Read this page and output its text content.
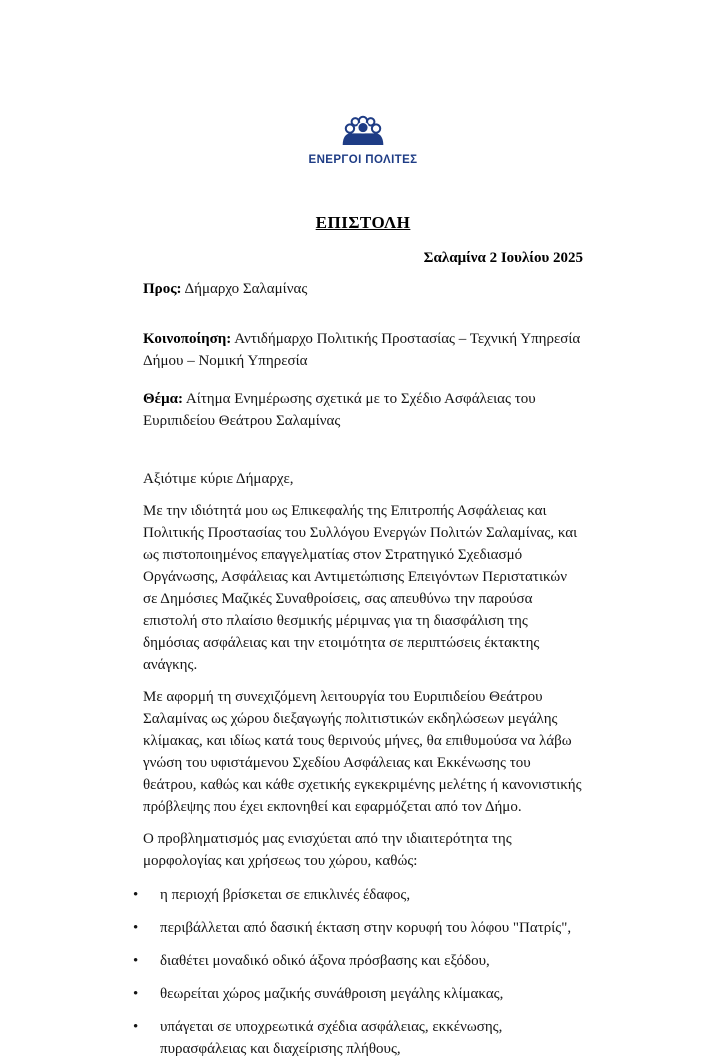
ΕΝΕΡΓΟΙ ΠΟΛΙΤΕΣ
ΕΠΙΣΤΟΛΗ
Σαλαμίνα 2 Ιουλίου 2025
Προς: Δήμαρχο Σαλαμίνας
Κοινοποίηση: Αντιδήμαρχο Πολιτικής Προστασίας – Τεχνική Υπηρεσία Δήμου – Νομική Υπηρεσία
Θέμα: Αίτημα Ενημέρωσης σχετικά με το Σχέδιο Ασφάλειας του Ευριπιδείου Θεάτρου Σαλαμίνας
Αξιότιμε κύριε Δήμαρχε,

Με την ιδιότητά μου ως Επικεφαλής της Επιτροπής Ασφάλειας και Πολιτικής Προστασίας του Συλλόγου Ενεργών Πολιτών Σαλαμίνας, και ως πιστοποιημένος επαγγελματίας στον Στρατηγικό Σχεδιασμό Οργάνωσης, Ασφάλειας και Αντιμετώπισης Επειγόντων Περιστατικών σε Δημόσιες Μαζικές Συναθροίσεις, σας απευθύνω την παρούσα επιστολή στο πλαίσιο θεσμικής μέριμνας για τη διασφάλιση της δημόσιας ασφάλειας και την ετοιμότητα σε περιπτώσεις έκτακτης ανάγκης.

Με αφορμή τη συνεχιζόμενη λειτουργία του Ευριπιδείου Θεάτρου Σαλαμίνας ως χώρου διεξαγωγής πολιτιστικών εκδηλώσεων μεγάλης κλίμακας, και ιδίως κατά τους θερινούς μήνες, θα επιθυμούσα να λάβω γνώση του υφιστάμενου Σχεδίου Ασφάλειας και Εκκένωσης του θεάτρου, καθώς και κάθε σχετικής εγκεκριμένης μελέτης ή κανονιστικής πρόβλεψης που έχει εκπονηθεί και εφαρμόζεται από τον Δήμο.

Ο προβληματισμός μας ενισχύεται από την ιδιαιτερότητα της μορφολογίας και χρήσεως του χώρου, καθώς:

•	η περιοχή βρίσκεται σε επικλινές έδαφος,
•	περιβάλλεται από δασική έκταση στην κορυφή του λόφου "Πατρίς",
•	διαθέτει μοναδικό οδικό άξονα πρόσβασης και εξόδου,
•	θεωρείται χώρος μαζικής συνάθροιση μεγάλης κλίμακας,
•	υπάγεται σε υποχρεωτικά σχέδια ασφάλειας, εκκένωσης, πυρασφάλειας και διαχείρισης πλήθους,
